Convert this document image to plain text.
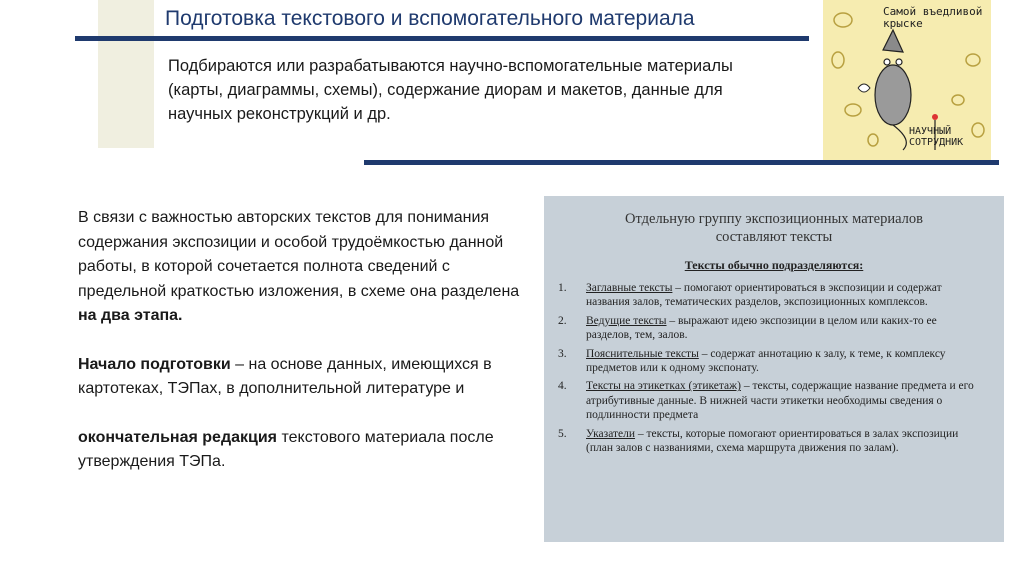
Подготовка текстового и вспомогательного материала
Подбираются или разрабатываются научно-вспомогательные материалы (карты, диаграммы, схемы), содержание диорам и макетов, данные для научных реконструкций и др.

В связи с важностью авторских текстов для понимания содержания экспозиции и особой трудоёмкостью данной работы, в которой сочетается полнота сведений с предельной краткостью изложения, в схеме она разделена на два этапа.

Начало подготовки – на основе данных, имеющихся в картотеках, ТЭПах, в дополнительной литературе и

окончательная редакция текстового материала после утверждения ТЭПа.

Отдельную группу экспозиционных материалов
составляют тексты
Тексты обычно подразделяются:
1.	Заглавные тексты – помогают ориентироваться в экспозиции и содержат названия залов, тематических разделов, экспозиционных комплексов.
2.	Ведущие тексты – выражают идею экспозиции в целом или каких-то ее разделов, тем, залов.
3.	Пояснительные тексты – содержат аннотацию к залу, к теме, к комплексу предметов или к одному экспонату.
4.	Тексты на этикетках (этикетаж) – тексты, содержащие название предмета и его атрибутивные данные. В нижней части этикетки необходимы сведения о подлинности предмета
5.	Указатели – тексты, которые помогают ориентироваться в залах экспозиции (план залов с названиями, схема маршрута движения по залам).
Самой въедливой крыске
НАУЧНЫЙ
СОТРУДНИК
